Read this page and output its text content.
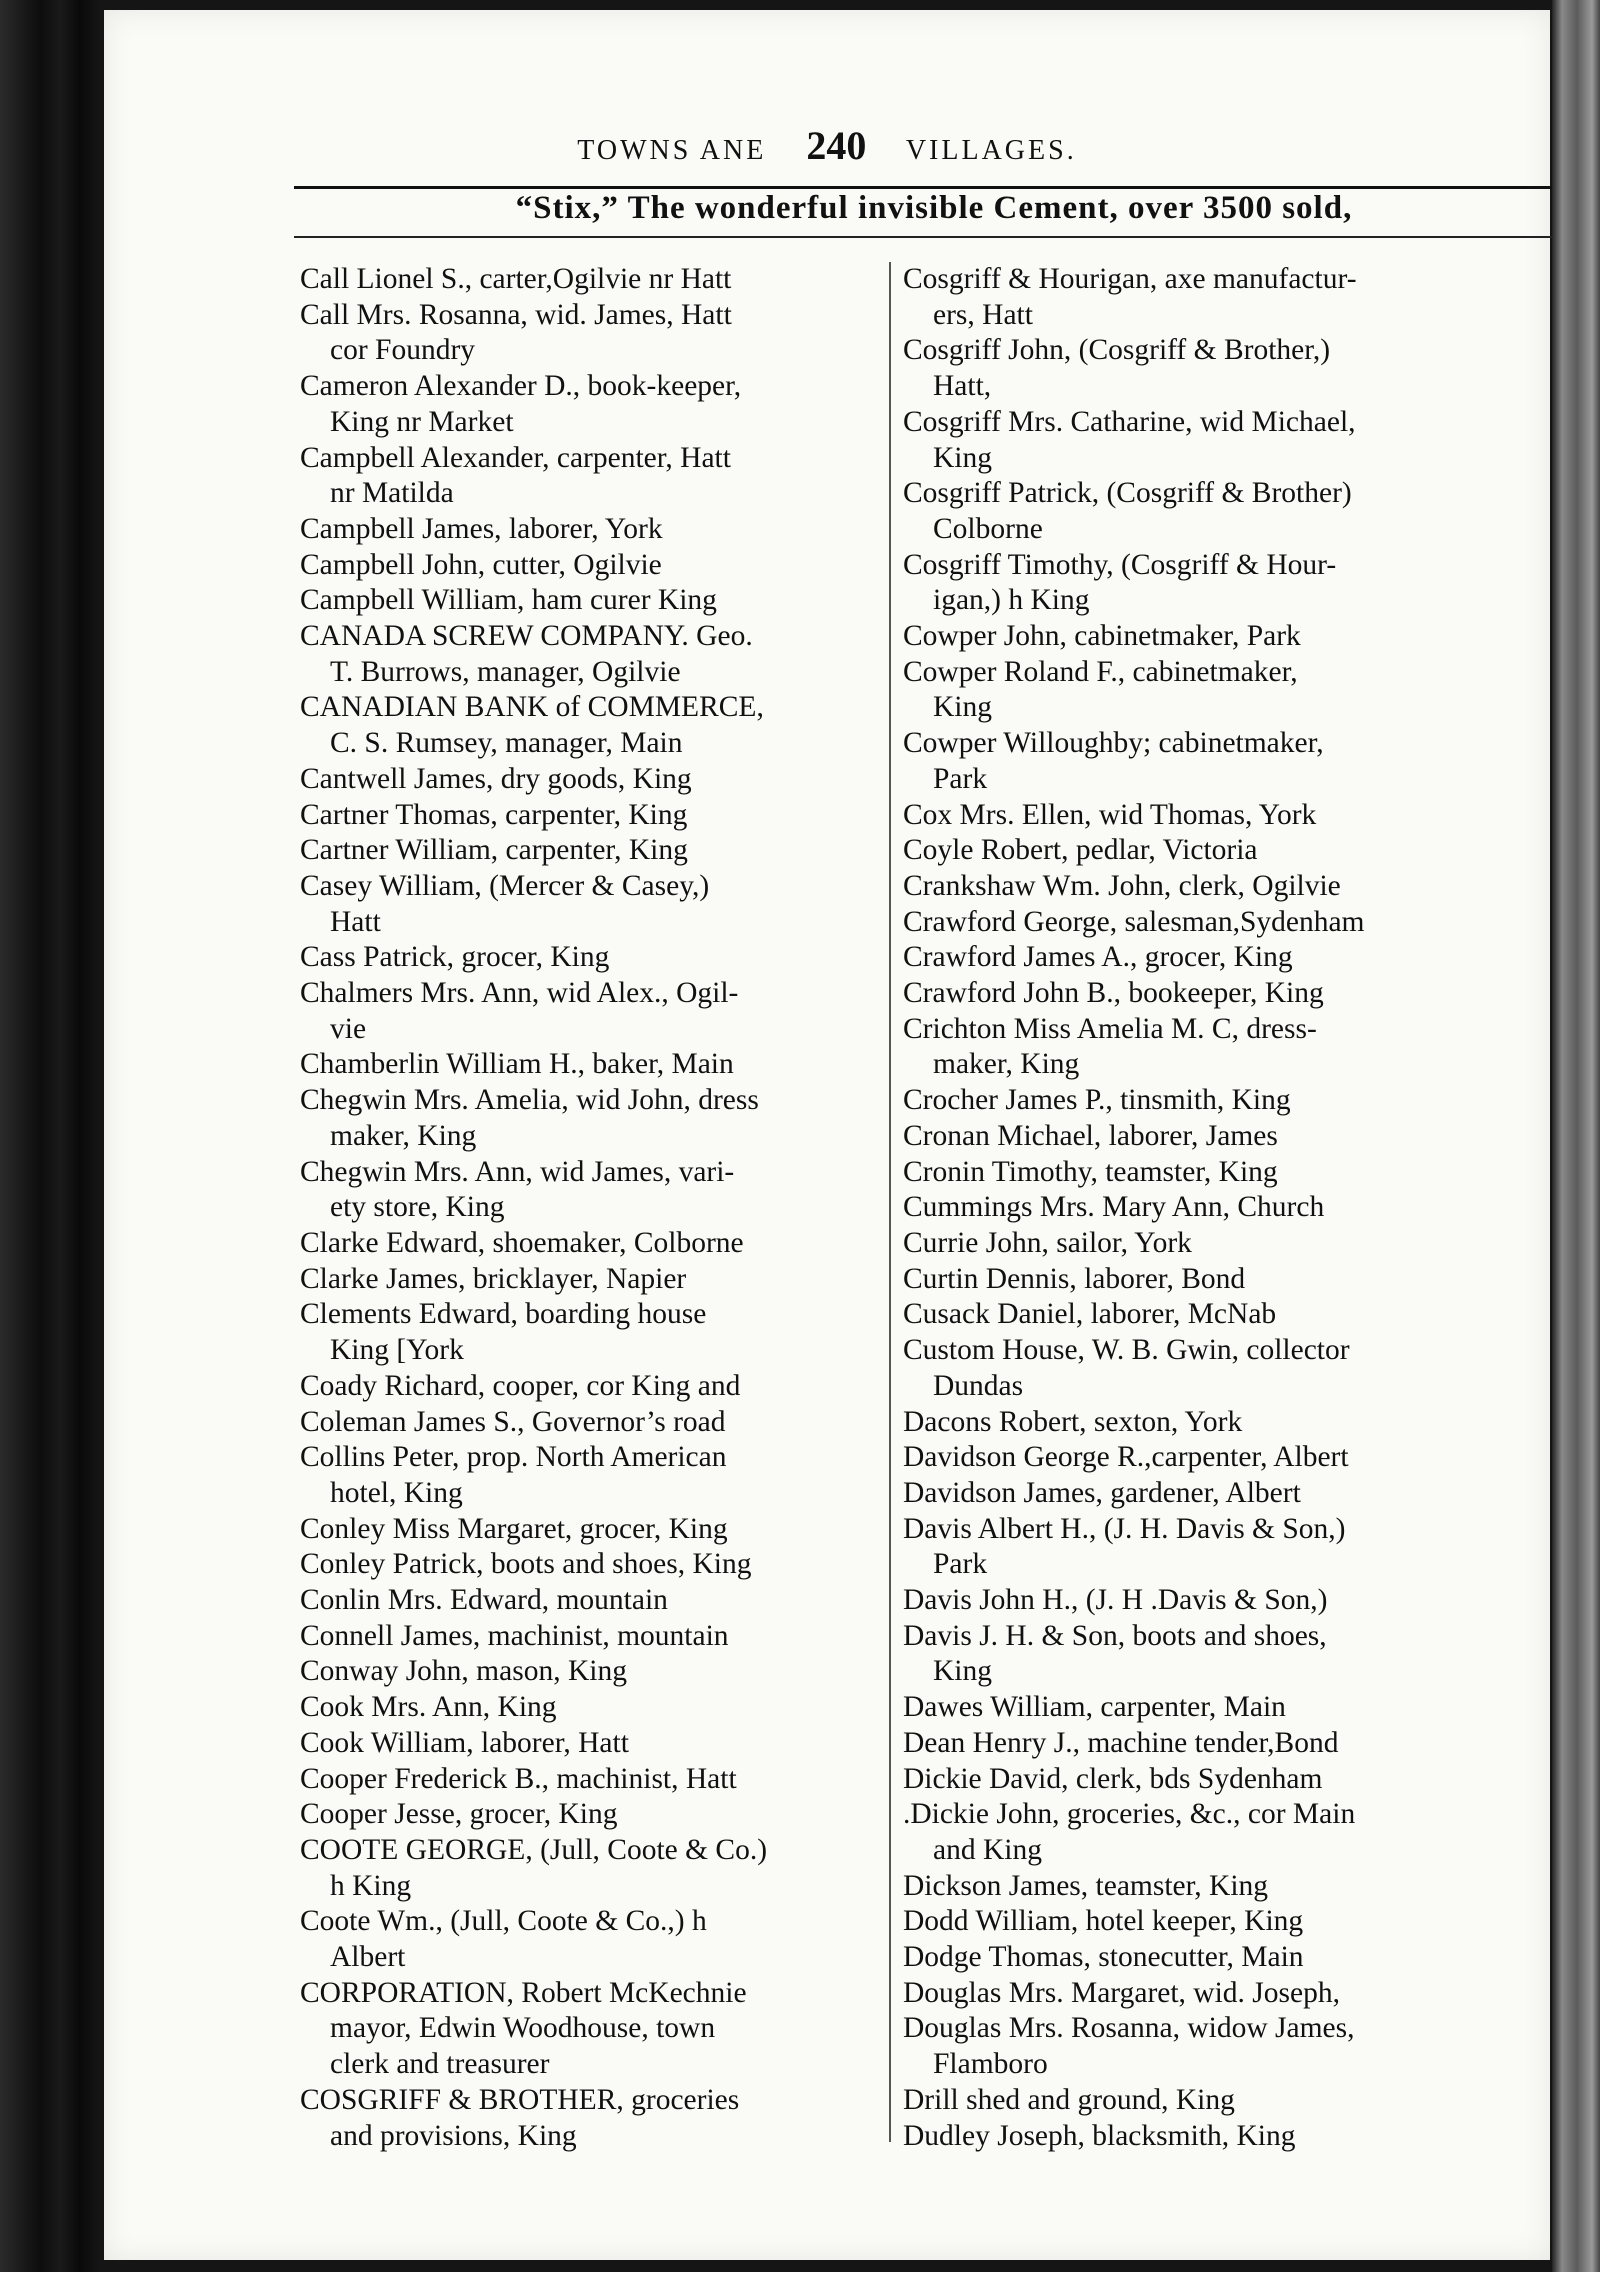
TOWNS ANE 240 VILLAGES.
“Stix,” The wonderful invisible Cement, over 3500 sold,
Call Lionel S., carter,Ogilvie nr Hatt
Call Mrs. Rosanna, wid. James, Hatt
cor Foundry
Cameron Alexander D., book-keeper,
King nr Market
Campbell Alexander, carpenter, Hatt
nr Matilda
Campbell James, laborer, York
Campbell John, cutter, Ogilvie
Campbell William, ham curer King
CANADA SCREW COMPANY. Geo.
T. Burrows, manager, Ogilvie
CANADIAN BANK of COMMERCE,
C. S. Rumsey, manager, Main
Cantwell James, dry goods, King
Cartner Thomas, carpenter, King
Cartner William, carpenter, King
Casey William, (Mercer & Casey,)
Hatt
Cass Patrick, grocer, King
Chalmers Mrs. Ann, wid Alex., Ogil-
vie
Chamberlin William H., baker, Main
Chegwin Mrs. Amelia, wid John, dress
maker, King
Chegwin Mrs. Ann, wid James, vari-
ety store, King
Clarke Edward, shoemaker, Colborne
Clarke James, bricklayer, Napier
Clements Edward, boarding house
King [York
Coady Richard, cooper, cor King and
Coleman James S., Governor’s road
Collins Peter, prop. North American
hotel, King
Conley Miss Margaret, grocer, King
Conley Patrick, boots and shoes, King
Conlin Mrs. Edward, mountain
Connell James, machinist, mountain
Conway John, mason, King
Cook Mrs. Ann, King
Cook William, laborer, Hatt
Cooper Frederick B., machinist, Hatt
Cooper Jesse, grocer, King
COOTE GEORGE, (Jull, Coote & Co.)
h King
Coote Wm., (Jull, Coote & Co.,) h
Albert
CORPORATION, Robert McKechnie
mayor, Edwin Woodhouse, town
clerk and treasurer
COSGRIFF & BROTHER, groceries
and provisions, King
Cosgriff & Hourigan, axe manufactur-
ers, Hatt
Cosgriff John, (Cosgriff & Brother,)
Hatt,
Cosgriff Mrs. Catharine, wid Michael,
King
Cosgriff Patrick, (Cosgriff & Brother)
Colborne
Cosgriff Timothy, (Cosgriff & Hour-
igan,) h King
Cowper John, cabinetmaker, Park
Cowper Roland F., cabinetmaker,
King
Cowper Willoughby; cabinetmaker,
Park
Cox Mrs. Ellen, wid Thomas, York
Coyle Robert, pedlar, Victoria
Crankshaw Wm. John, clerk, Ogilvie
Crawford George, salesman,Sydenham
Crawford James A., grocer, King
Crawford John B., bookeeper, King
Crichton Miss Amelia M. C, dress-
maker, King
Crocher James P., tinsmith, King
Cronan Michael, laborer, James
Cronin Timothy, teamster, King
Cummings Mrs. Mary Ann, Church
Currie John, sailor, York
Curtin Dennis, laborer, Bond
Cusack Daniel, laborer, McNab
Custom House, W. B. Gwin, collector
Dundas
Dacons Robert, sexton, York
Davidson George R.,carpenter, Albert
Davidson James, gardener, Albert
Davis Albert H., (J. H. Davis & Son,)
Park
Davis John H., (J. H .Davis & Son,)
Davis J. H. & Son, boots and shoes,
King
Dawes William, carpenter, Main
Dean Henry J., machine tender,Bond
Dickie David, clerk, bds Sydenham
.Dickie John, groceries, &c., cor Main
and King
Dickson James, teamster, King
Dodd William, hotel keeper, King
Dodge Thomas, stonecutter, Main
Douglas Mrs. Margaret, wid. Joseph,
Douglas Mrs. Rosanna, widow James,
Flamboro
Drill shed and ground, King
Dudley Joseph, blacksmith, King
